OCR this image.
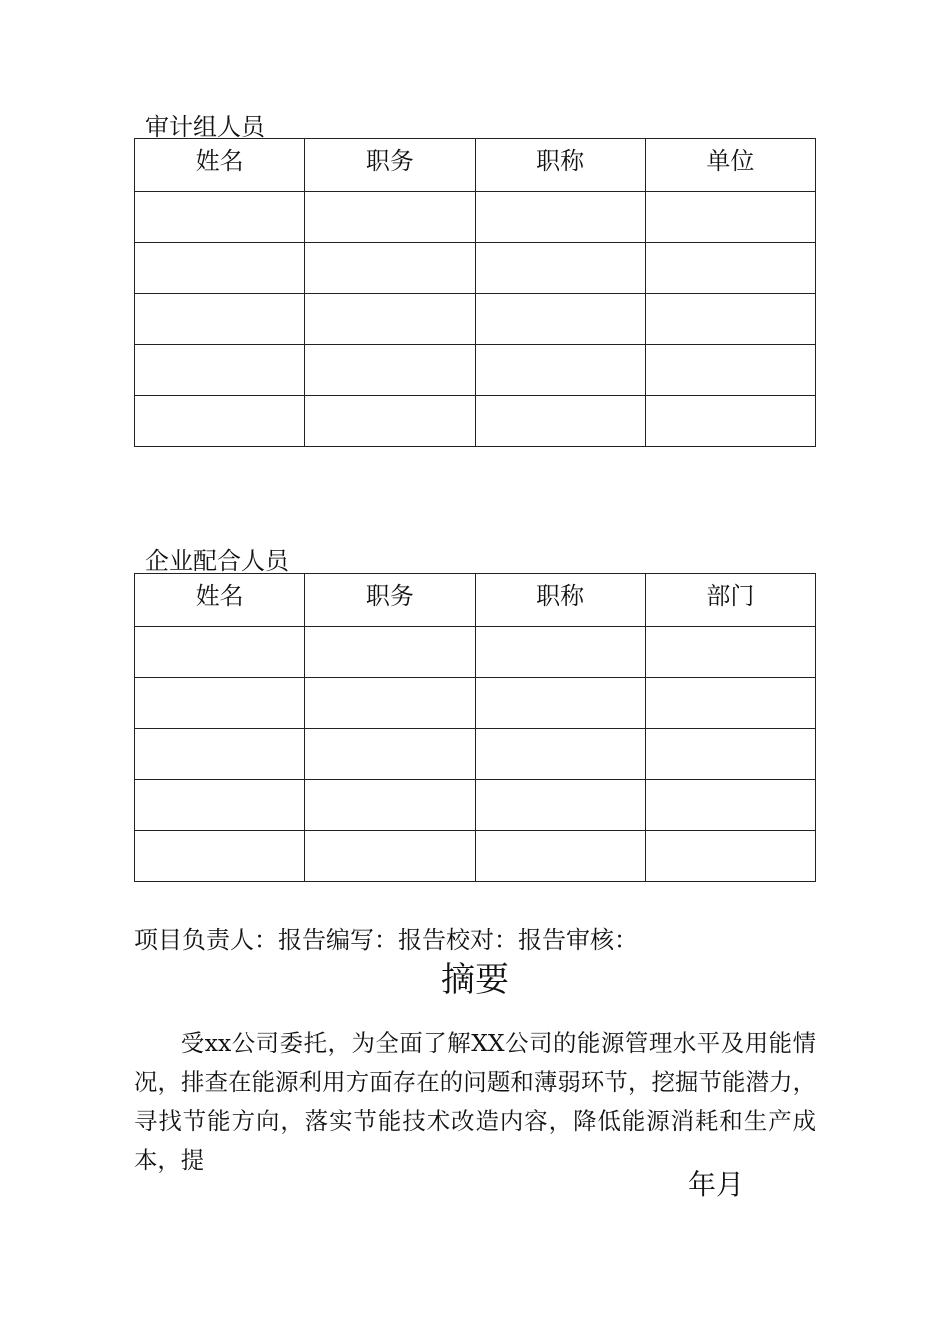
审计组人员
姓名	职务	职称	单位

企业配合人员
姓名	职务	职称	部门

项目负责人：报告编写：报告校对：报告审核：
摘要

受xx公司委托，为全面了解XX公司的能源管理水平及用能情况，排查在能源利用方面存在的问题和薄弱环节，挖掘节能潜力，寻找节能方向，落实节能技术改造内容，降低能源消耗和生产成本，提

年月
